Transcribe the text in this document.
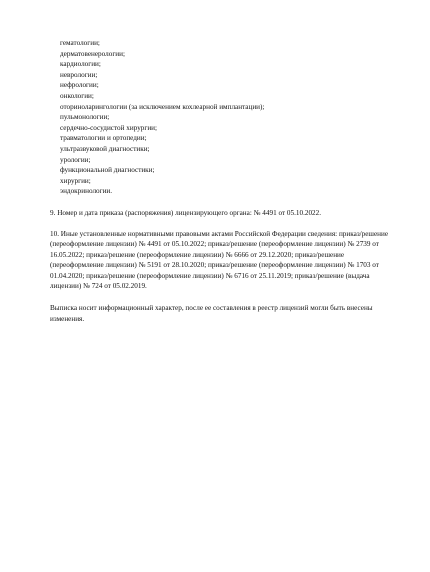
гематологии;
дерматовенерологии;
кардиологии;
неврологии;
нефрологии;
онкологии;
оториноларингологии (за исключением кохлеарной имплантации);
пульмонологии;
сердечно-сосудистой хирургии;
травматологии и ортопедии;
ультразвуковой диагностики;
урологии;
функциональной диагностики;
хирургии;
эндокринологии.

9. Номер и дата приказа (распоряжения) лицензирующего органа: № 4491 от 05.10.2022.

10. Иные установленные нормативными правовыми актами Российской Федерации сведения: приказ/решение (переоформление лицензии) № 4491 от 05.10.2022; приказ/решение (переоформление лицензии) № 2739 от 16.05.2022; приказ/решение (переоформление лицензии) № 6666 от 29.12.2020; приказ/решение (переоформление лицензии) № 5191 от 28.10.2020; приказ/решение (переоформление лицензии) № 1703 от 01.04.2020; приказ/решение (переоформление лицензии) № 6716 от 25.11.2019; приказ/решение (выдача лицензии) № 724 от 05.02.2019.

Выписка носит информационный характер, после ее составления в реестр лицензий могли быть внесены изменения.
